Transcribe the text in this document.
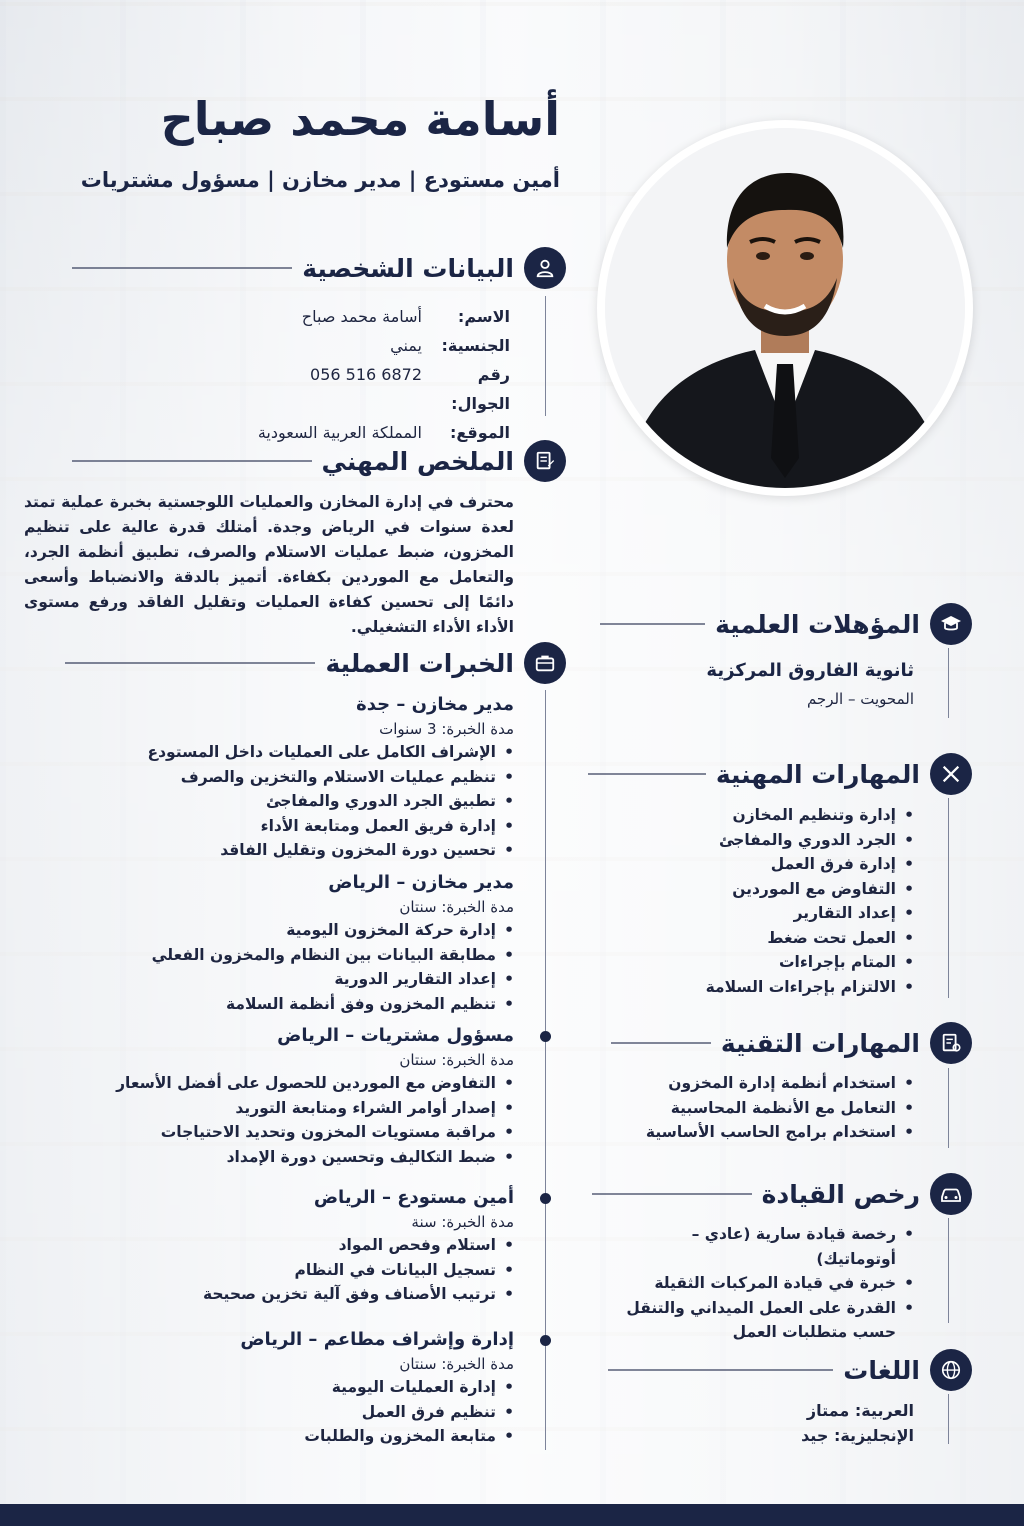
أسامة محمد صباح
أمين مستودع | مدير مخازن | مسؤول مشتريات
البيانات الشخصية
الاسم:
أسامة محمد صباح
الجنسية:
يمني
رقم الجوال:
056 516 6872
الموقع:
المملكة العربية السعودية
الملخص المهني

محترف في إدارة المخازن والعمليات اللوجستية بخبرة عملية تمتد لعدة سنوات في الرياض وجدة. أمتلك قدرة عالية على تنظيم المخزون، ضبط عمليات الاستلام والصرف، تطبيق أنظمة الجرد، والتعامل مع الموردين بكفاءة. أتميز بالدقة والانضباط وأسعى دائمًا إلى تحسين كفاءة العمليات وتقليل الفاقد ورفع مستوى الأداء الأداء التشغيلي.

الخبرات العملية
مدير مخازن – جدة
مدة الخبرة: 3 سنوات
• الإشراف الكامل على العمليات داخل المستودع
• تنظيم عمليات الاستلام والتخزين والصرف
• تطبيق الجرد الدوري والمفاجئ
• إدارة فريق العمل ومتابعة الأداء
• تحسين دورة المخزون وتقليل الفاقد
مدير مخازن – الرياض
مدة الخبرة: سنتان
• إدارة حركة المخزون اليومية
• مطابقة البيانات بين النظام والمخزون الفعلي
• إعداد التقارير الدورية
• تنظيم المخزون وفق أنظمة السلامة
مسؤول مشتريات – الرياض
مدة الخبرة: سنتان
• التفاوض مع الموردين للحصول على أفضل الأسعار
• إصدار أوامر الشراء ومتابعة التوريد
• مراقبة مستويات المخزون وتحديد الاحتياجات
• ضبط التكاليف وتحسين دورة الإمداد
أمين مستودع – الرياض
مدة الخبرة: سنة
• استلام وفحص المواد
• تسجيل البيانات في النظام
• ترتيب الأصناف وفق آلية تخزين صحيحة
إدارة وإشراف مطاعم – الرياض
مدة الخبرة: سنتان
• إدارة العمليات اليومية
• تنظيم فرق العمل
• متابعة المخزون والطلبات
المؤهلات العلمية
ثانوية الفاروق المركزية
المحويت – الرجم
المهارات المهنية
• إدارة وتنظيم المخازن
• الجرد الدوري والمفاجئ
• إدارة فرق العمل
• التفاوض مع الموردين
• إعداد التقارير
• العمل تحت ضغط
• المتام بإجراءات
• الالتزام بإجراءات السلامة
المهارات التقنية
• استخدام أنظمة إدارة المخزون
• التعامل مع الأنظمة المحاسبية
• استخدام برامج الحاسب الأساسية
رخص القيادة
• رخصة قيادة سارية (عادي – أوتوماتيك)
• خبرة في قيادة المركبات الثقيلة
• القدرة على العمل الميداني والتنقل حسب متطلبات العمل
اللغات
العربية: ممتاز
الإنجليزية: جيد
